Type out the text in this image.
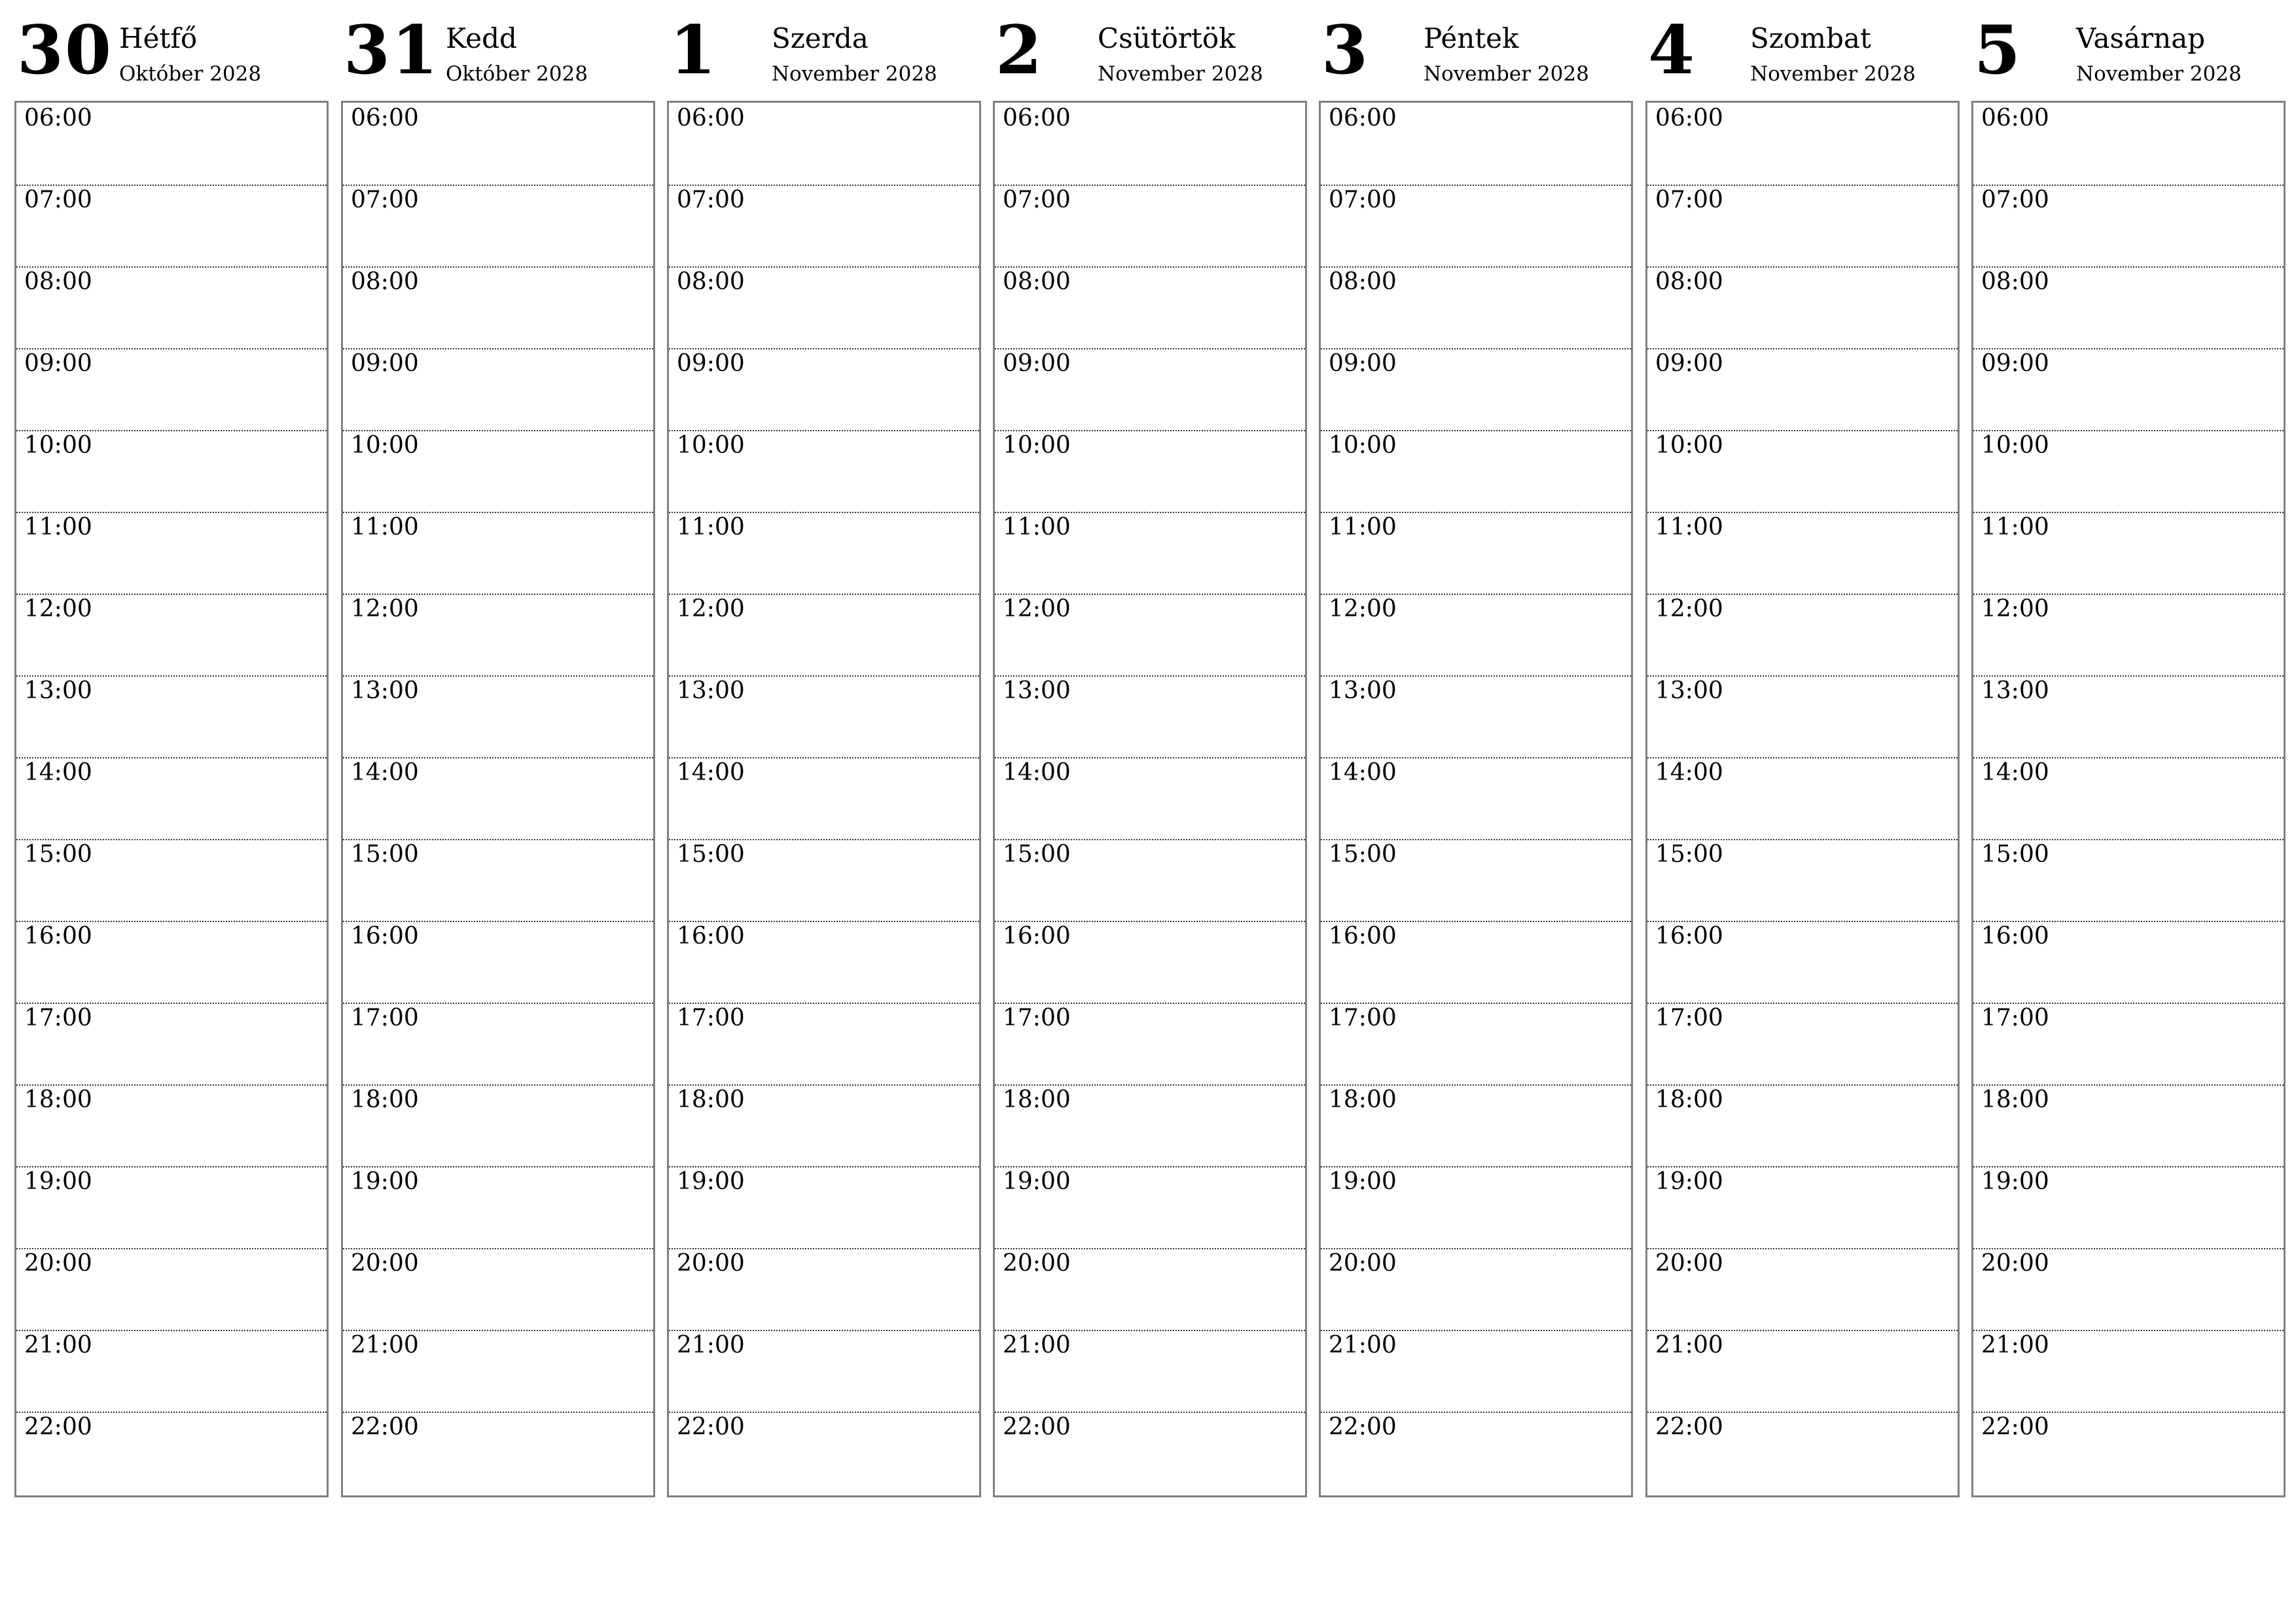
30 Hétfő
Október 2028
06:00
07:00
08:00
09:00
10:00
11:00
12:00
13:00
14:00
15:00
16:00
17:00
18:00
19:00
20:00
21:00
22:00
31 Kedd
Október 2028
06:00
07:00
08:00
09:00
10:00
11:00
12:00
13:00
14:00
15:00
16:00
17:00
18:00
19:00
20:00
21:00
22:00
1 Szerda
November 2028
06:00
07:00
08:00
09:00
10:00
11:00
12:00
13:00
14:00
15:00
16:00
17:00
18:00
19:00
20:00
21:00
22:00
2 Csütörtök
November 2028
06:00
07:00
08:00
09:00
10:00
11:00
12:00
13:00
14:00
15:00
16:00
17:00
18:00
19:00
20:00
21:00
22:00
3 Péntek
November 2028
06:00
07:00
08:00
09:00
10:00
11:00
12:00
13:00
14:00
15:00
16:00
17:00
18:00
19:00
20:00
21:00
22:00
4 Szombat
November 2028
06:00
07:00
08:00
09:00
10:00
11:00
12:00
13:00
14:00
15:00
16:00
17:00
18:00
19:00
20:00
21:00
22:00
5 Vasárnap
November 2028
06:00
07:00
08:00
09:00
10:00
11:00
12:00
13:00
14:00
15:00
16:00
17:00
18:00
19:00
20:00
21:00
22:00
